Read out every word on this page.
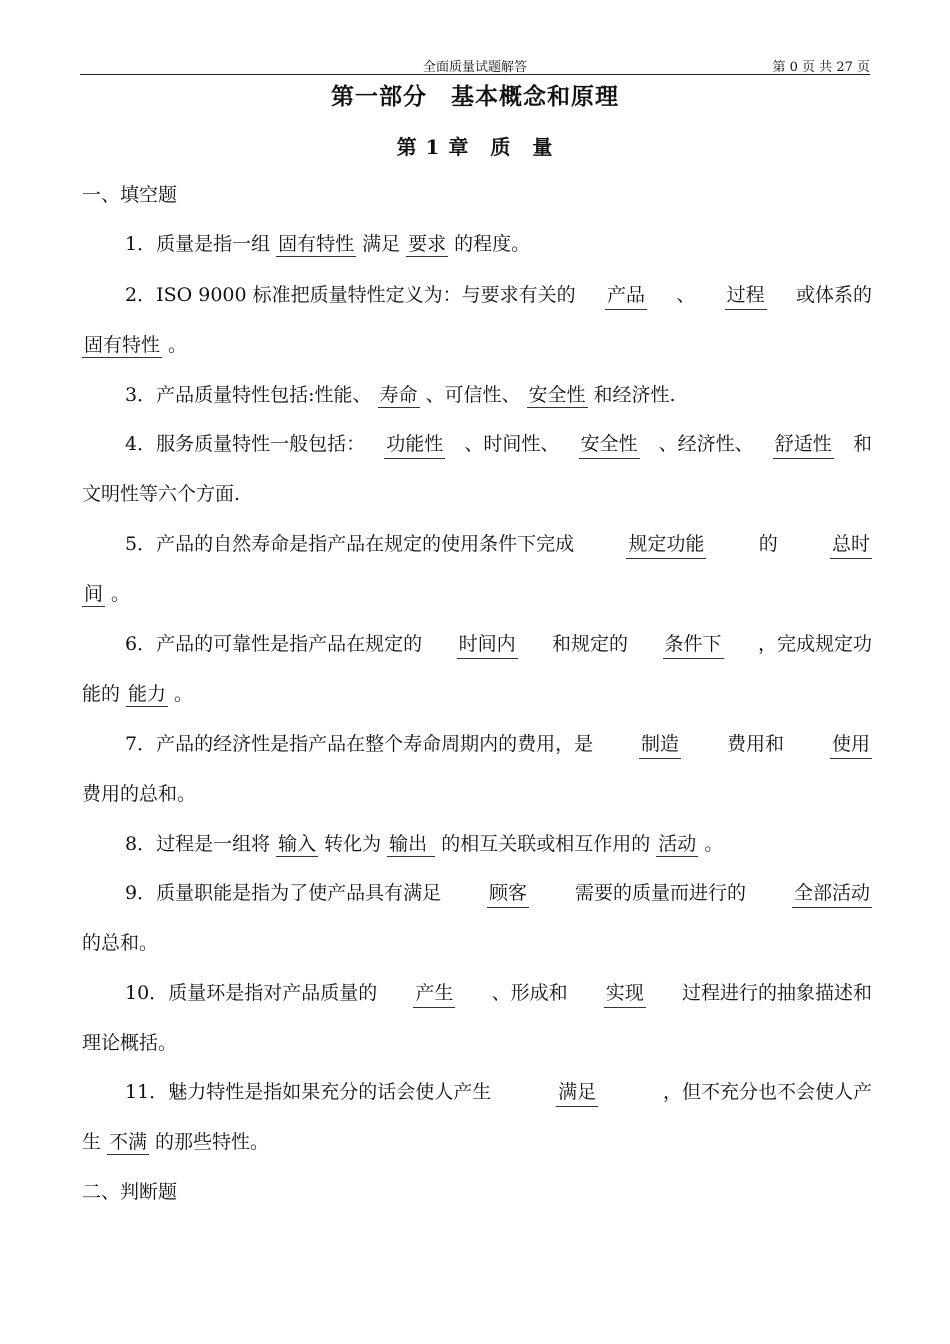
全面质量试题解答	第 0 页 共 27 页
第一部分　基本概念和原理
第 1 章　质　量
一、填空题
1．质量是指一组 固有特性 满足 要求 的程度。
2．ISO 9000 标准把质量特性定义为：与要求有关的 产品 、 过程 或体系的
固有特性 。
3．产品质量特性包括:性能、 寿命 、可信性、 安全性 和经济性.
4．服务质量特性一般包括： 功能性 、时间性、 安全性 、经济性、 舒适性 和
文明性等六个方面.
5．产品的自然寿命是指产品在规定的使用条件下完成	规定功能	的	总时
间 。
6．产品的可靠性是指产品在规定的 时间内 和规定的 条件下 ，完成规定功
能的 能力 。
7．产品的经济性是指产品在整个寿命周期内的费用，是	制造	费用和	使用
费用的总和。
8．过程是一组将 输入 转化为 输出 的相互关联或相互作用的 活动 。
9．质量职能是指为了使产品具有满足	顾客	需要的质量而进行的	全部活动
的总和。
10．质量环是指对产品质量的 产生 、形成和 实现 过程进行的抽象描述和
理论概括。
11．魅力特性是指如果充分的话会使人产生	满足	，但不充分也不会使人产
生 不满 的那些特性。
二、判断题
